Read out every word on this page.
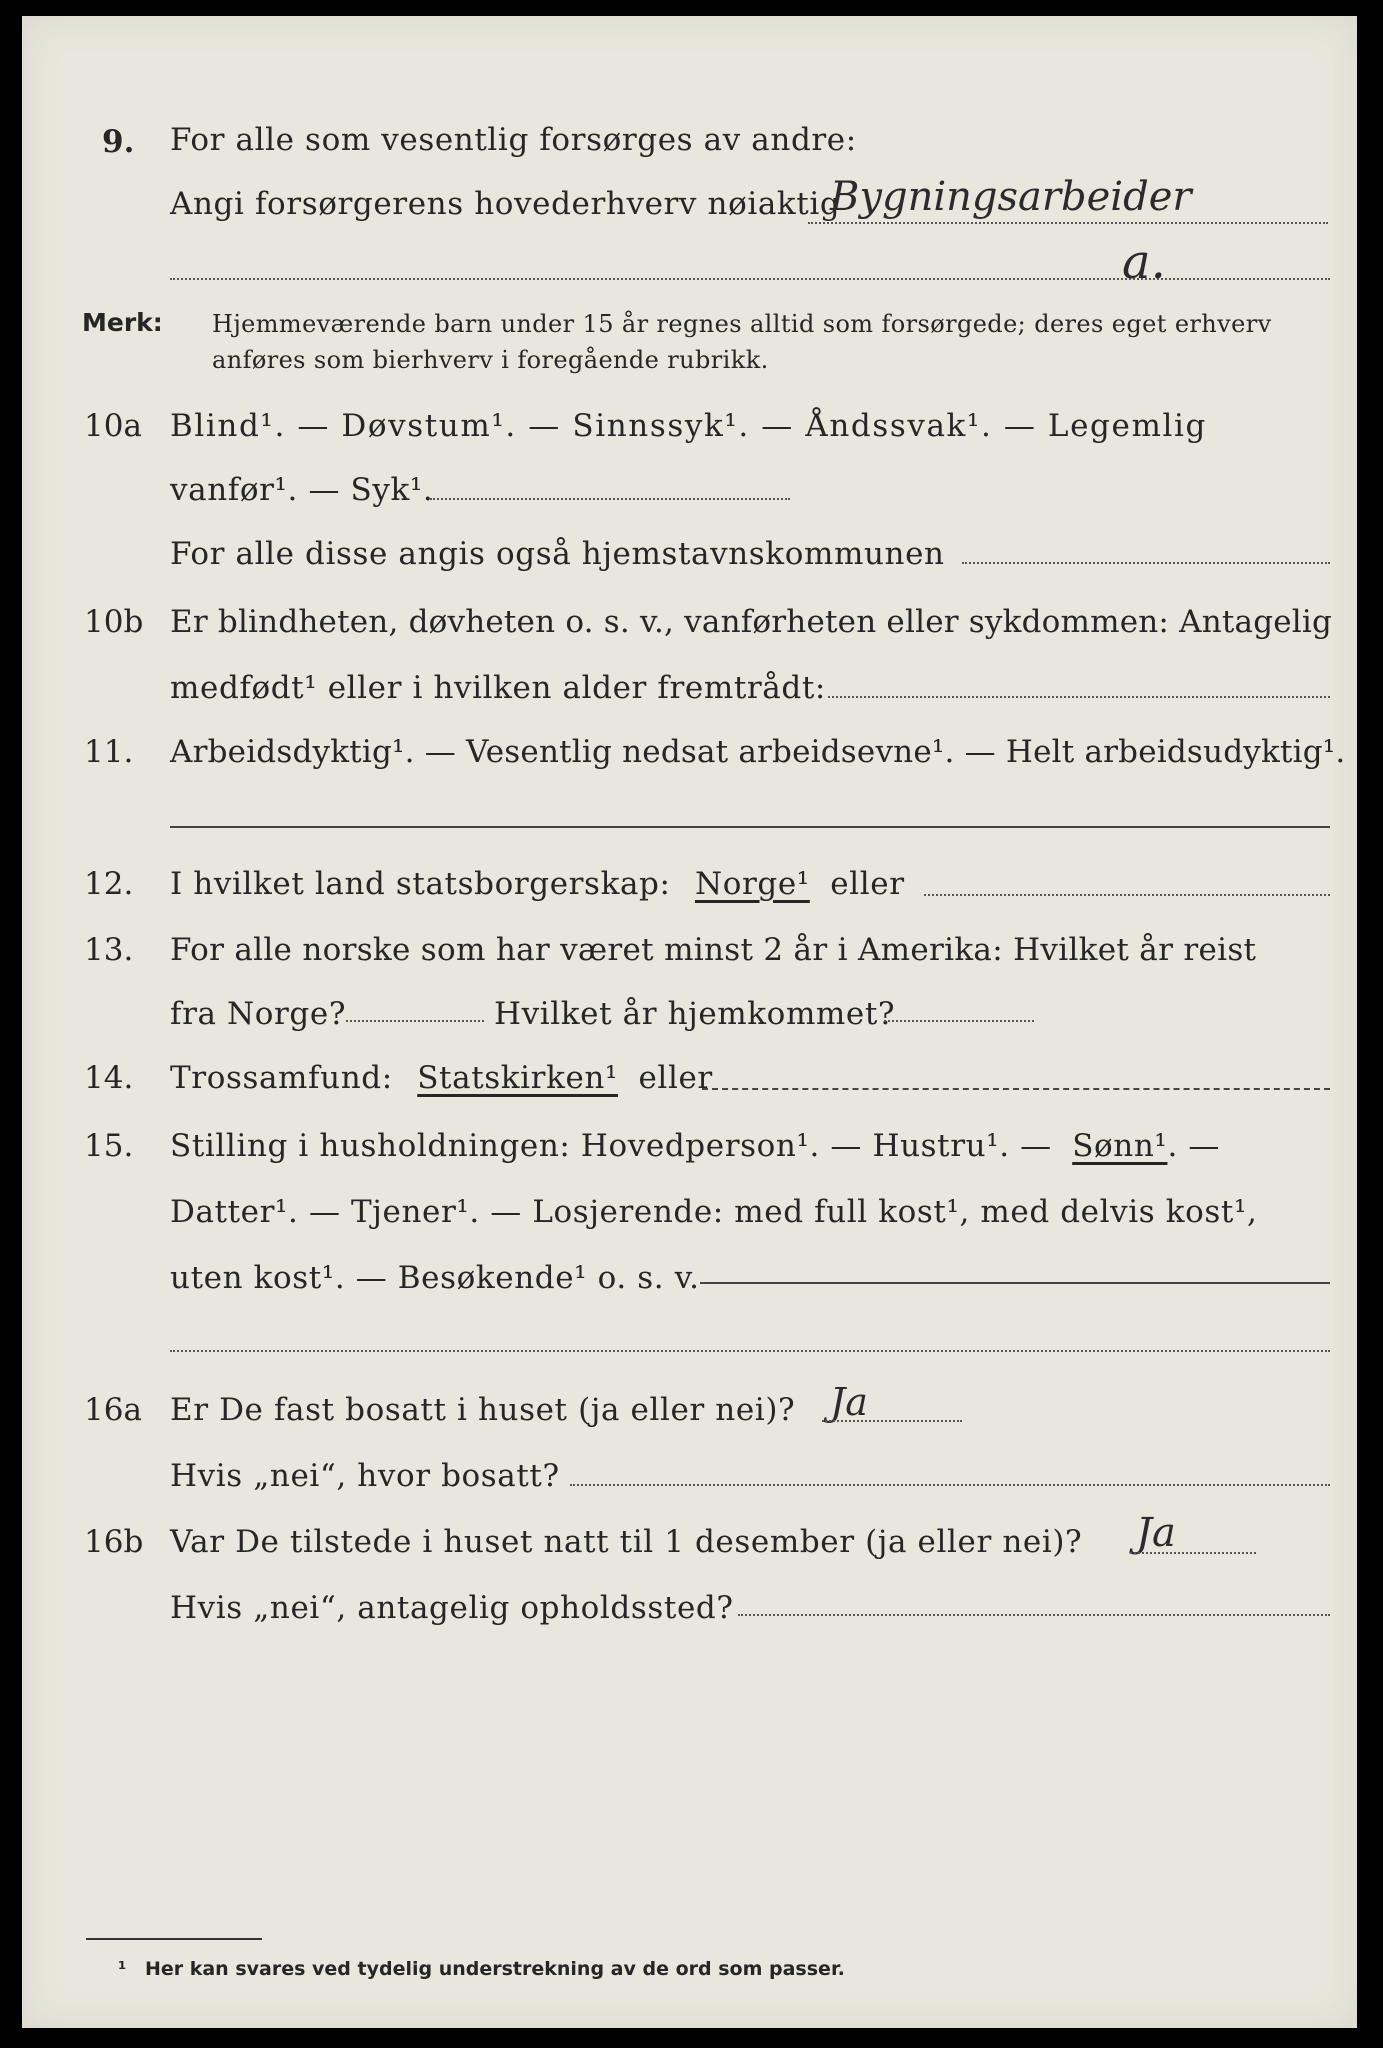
9. For alle som vesentlig forsørges av andre:
Angi forsørgerens hovederhverv nøiaktig
Bygningsarbeider
a.
Merk: Hjemmeværende barn under 15 år regnes alltid som forsørgede; deres eget erhverv
anføres som bierhverv i foregående rubrikk.
10a Blind¹. — Døvstum¹. — Sinnssyk¹. — Åndssvak¹. — Legemlig
vanfør¹. — Syk¹.
For alle disse angis også hjemstavnskommunen
10b Er blindheten, døvheten o. s. v., vanførheten eller sykdommen: Antagelig
medfødt¹ eller i hvilken alder fremtrådt:
11. Arbeidsdyktig¹. — Vesentlig nedsat arbeidsevne¹. — Helt arbeidsudyktig¹.
12. I hvilket land statsborgerskap: Norge¹ eller
13. For alle norske som har været minst 2 år i Amerika: Hvilket år reist
fra Norge?	Hvilket år hjemkommet?
14. Trossamfund: Statskirken¹ eller
15. Stilling i husholdningen: Hovedperson¹. — Hustru¹. — Sønn¹. —
Datter¹. — Tjener¹. — Losjerende: med full kost¹, med delvis kost¹,
uten kost¹. — Besøkende¹ o. s. v.
16a Er De fast bosatt i huset (ja eller nei)? Ja
Hvis „nei“, hvor bosatt?
16b Var De tilstede i huset natt til 1 desember (ja eller nei)? Ja
Hvis „nei“, antagelig opholdssted?
¹ Her kan svares ved tydelig understrekning av de ord som passer.
